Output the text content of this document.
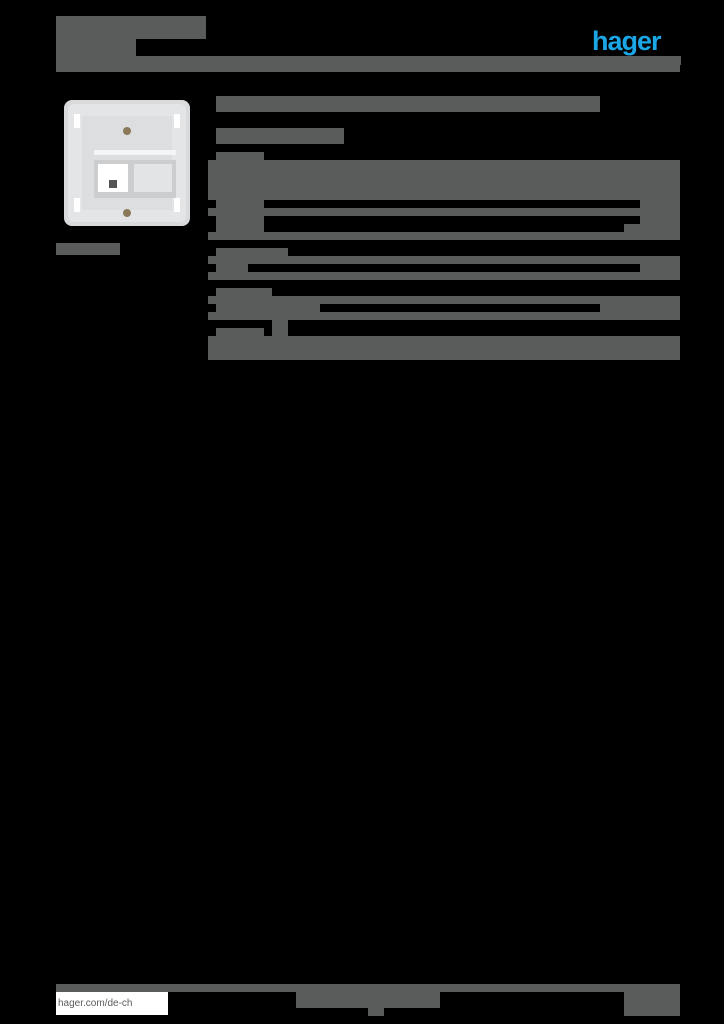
hager
hager.com/de-ch
